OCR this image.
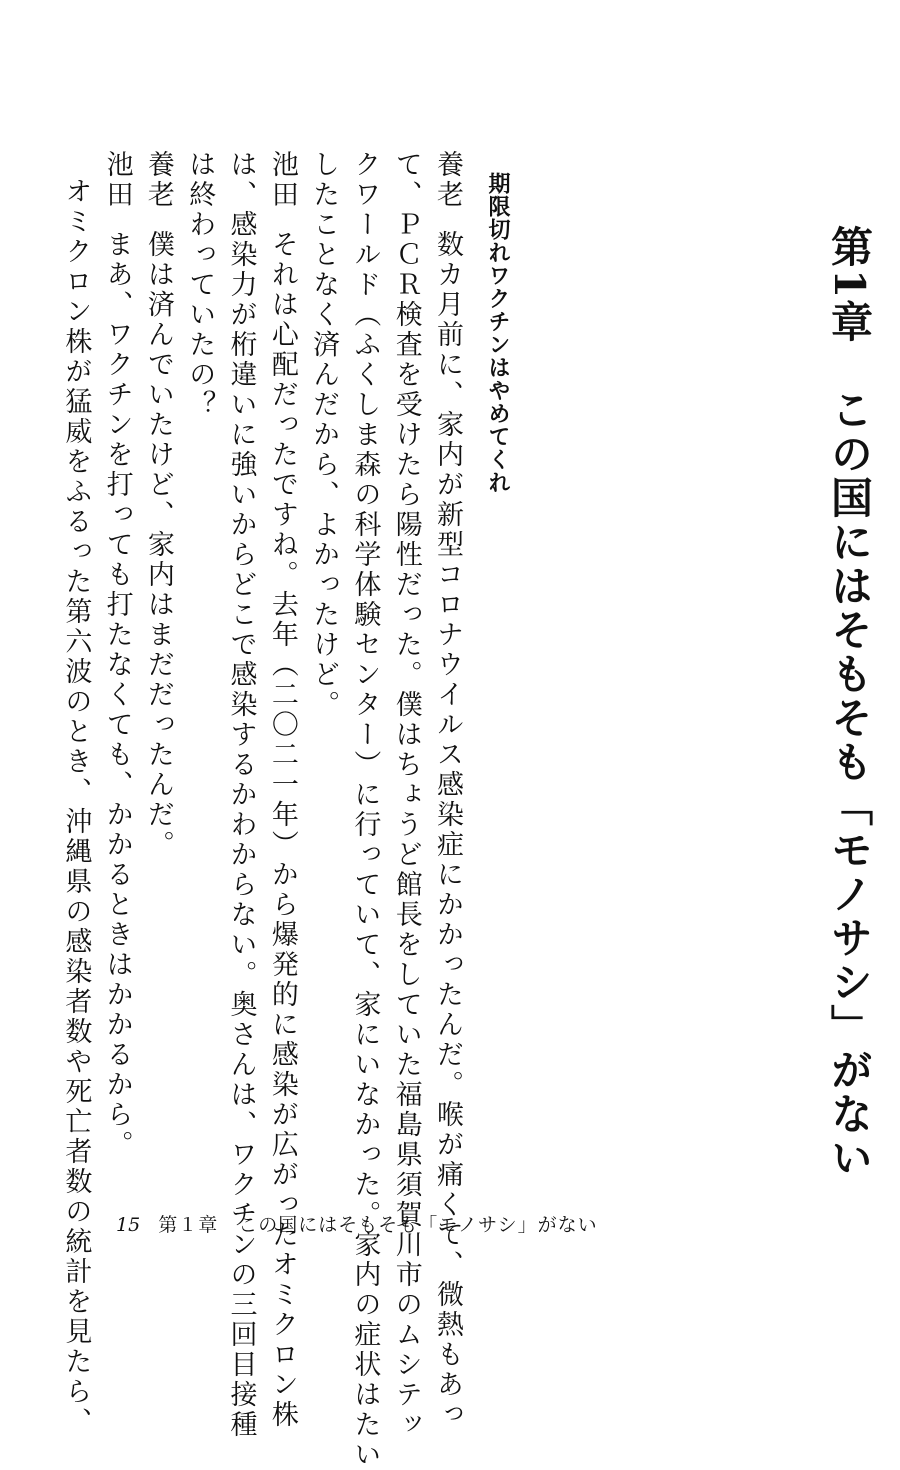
第1章　この国にはそもそも「モノサシ」がない
期限切れワクチンはやめてくれ
養老数カ月前に、家内が新型コロナウイルス感染症にかかったんだ。喉が痛くて、微熱もあっ
て、ＰＣＲ検査を受けたら陽性だった。僕はちょうど館長をしていた福島県須賀川市のムシテッ
クワールド（ふくしま森の科学体験センター）に行っていて、家にいなかった。家内の症状はたい
したことなく済んだから、よかったけど。
池田それは心配だったですね。去年（二〇二一年）から爆発的に感染が広がったオミクロン株
は、感染力が桁違いに強いからどこで感染するかわからない。奥さんは、ワクチンの三回目接種
は終わっていたの？
養老僕は済んでいたけど、家内はまだだったんだ。
池田まあ、ワクチンを打っても打たなくても、かかるときはかかるから。
オミクロン株が猛威をふるった第六波のとき、沖縄県の感染者数や死亡者数の統計を見たら、 15 第１章　この国にはそもそも「モノサシ」がない
